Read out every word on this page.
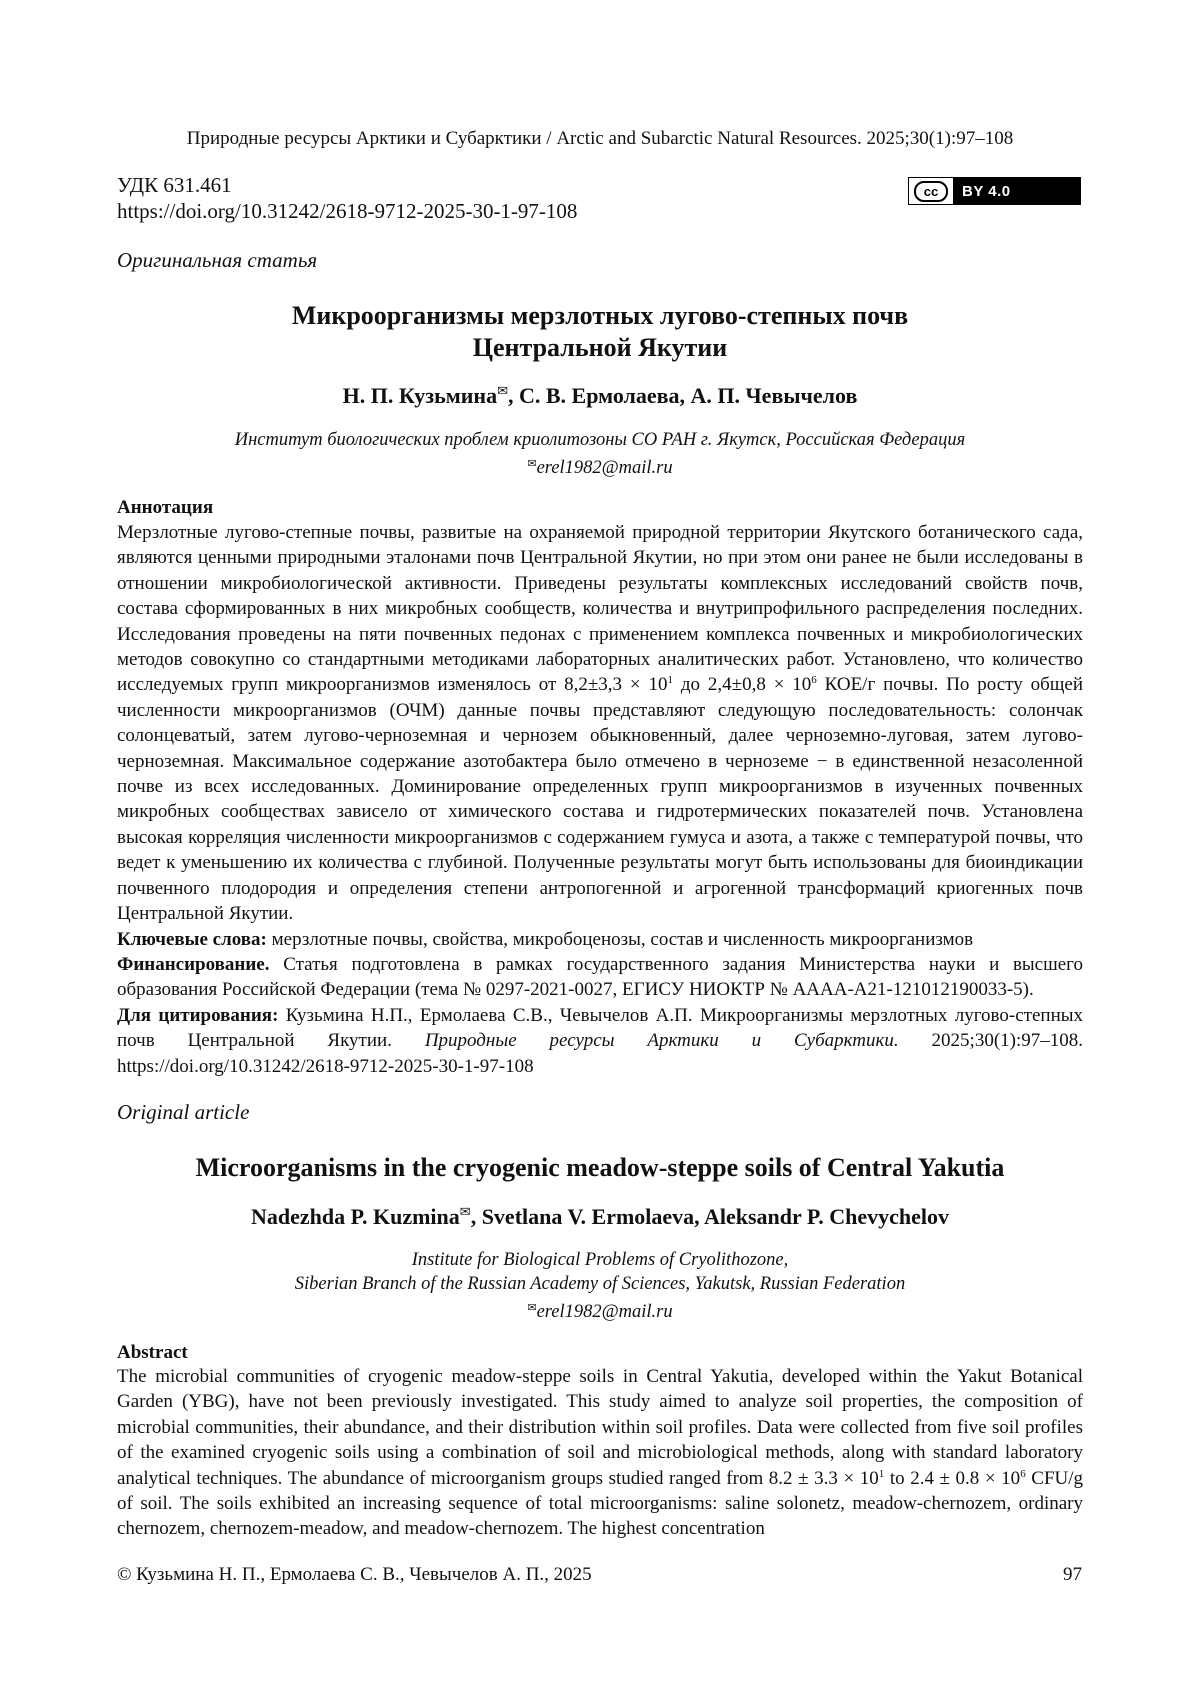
Природные ресурсы Арктики и Субарктики / Arctic and Subarctic Natural Resources. 2025;30(1):97–108
УДК 631.461
https://doi.org/10.31242/2618-9712-2025-30-1-97-108
cc	BY 4.0
Оригинальная статья
Микроорганизмы мерзлотных лугово-степных почв
Центральной Якутии
Н. П. Кузьмина✉, С. В. Ермолаева, А. П. Чевычелов
Институт биологических проблем криолитозоны СО РАН г. Якутск, Российская Федерация
✉erel1982@mail.ru
Аннотация

Мерзлотные лугово-степные почвы, развитые на охраняемой природной территории Якутского ботанического сада, являются ценными природными эталонами почв Центральной Якутии, но при этом они ранее не были исследованы в отношении микробиологической активности. Приведены результаты комплексных исследований свойств почв, состава сформированных в них микробных сообществ, количества и внутрипрофильного распределения последних. Исследования проведены на пяти почвенных педонах с применением комплекса почвенных и микробиологических методов совокупно со стандартными методиками лабораторных аналитических работ. Установлено, что количество исследуемых групп микроорганизмов изменялось от $8,2\pm 3,3 \times 10^1$ до $2,4\pm 0,8 \times 10^6$ КОЕ/г почвы. По росту общей численности микроорганизмов (ОЧМ) данные почвы представляют следующую последовательность: солончак солонцеватый, затем лугово-черноземная и чернозем обыкновенный, далее черноземно-луговая, затем лугово-черноземная. Максимальное содержание азотобактера было отмечено в черноземе − в единственной незасоленной почве из всех исследованных. Доминирование определенных групп микроорганизмов в изученных почвенных микробных сообществах зависело от химического состава и гидротермических показателей почв. Установлена высокая корреляция численности микроорганизмов с содержанием гумуса и азота, а также с температурой почвы, что ведет к уменьшению их количества с глубиной. Полученные результаты могут быть использованы для биоиндикации почвенного плодородия и определения степени антропогенной и агрогенной трансформаций криогенных почв Центральной Якутии.

Ключевые слова: мерзлотные почвы, свойства, микробоценозы, состав и численность микроорганизмов

Финансирование. Статья подготовлена в рамках государственного задания Министерства науки и высшего образования Российской Федерации (тема № 0297-2021-0027, ЕГИСУ НИОКТР № АААА-А21-121012190033-5).

Для цитирования: Кузьмина Н.П., Ермолаева С.В., Чевычелов А.П. Микроорганизмы мерзлотных лугово-степных почв Центральной Якутии. Природные ресурсы Арктики и Субарктики. 2025;30(1):97–108. https://doi.org/10.31242/2618-9712-2025-30-1-97-108

Original article
Microorganisms in the cryogenic meadow-steppe soils of Central Yakutia
Nadezhda P. Kuzmina✉, Svetlana V. Ermolaeva, Aleksandr P. Chevychelov
Institute for Biological Problems of Cryolithozone,
Siberian Branch of the Russian Academy of Sciences, Yakutsk, Russian Federation
✉erel1982@mail.ru
Abstract

The microbial communities of cryogenic meadow-steppe soils in Central Yakutia, developed within the Yakut Botanical Garden (YBG), have not been previously investigated. This study aimed to analyze soil properties, the composition of microbial communities, their abundance, and their distribution within soil profiles. Data were collected from five soil profiles of the examined cryogenic soils using a combination of soil and microbiological methods, along with standard laboratory analytical techniques. The abundance of microorganism groups studied ranged from $8.2 \pm 3.3 \times 10^1$ to $2.4 \pm 0.8 \times 10^6$ CFU/g of soil. The soils exhibited an increasing sequence of total microorganisms: saline solonetz, meadow-chernozem, ordinary chernozem, chernozem-meadow, and meadow-chernozem. The highest concentration

© Кузьмина Н. П., Ермолаева С. В., Чевычелов А. П., 2025	97
